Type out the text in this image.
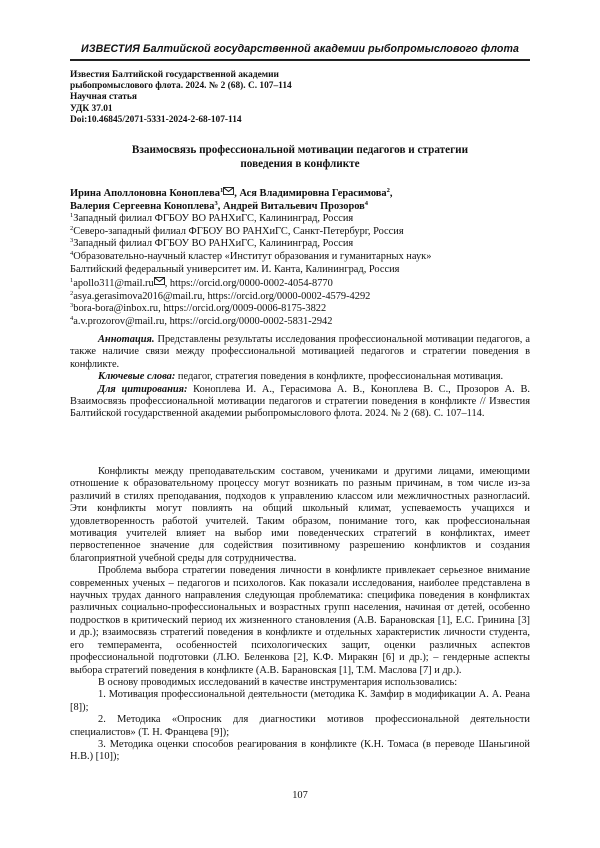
ИЗВЕСТИЯ Балтийской государственной академии рыбопромыслового флота
Известия Балтийской государственной академии
рыбопромыслового флота. 2024. № 2 (68). С. 107–114
Научная статья
УДК 37.01
Doi:10.46845/2071-5331-2024-2-68-107-114
Взаимосвязь профессиональной мотивации педагогов и стратегии
поведения в конфликте
Ирина Аполлоновна Коноплева$^1$ , Ася Владимировна Герасимова$^2$,
Валерия Сергеевна Коноплева$^3$, Андрей Витальевич Прозоров$^4$
$^1$Западный филиал ФГБОУ ВО РАНХиГС, Калининград, Россия
$^2$Северо-западный филиал ФГБОУ ВО РАНХиГС, Санкт-Петербург, Россия
$^3$Западный филиал ФГБОУ ВО РАНХиГС, Калининград, Россия
$^4$Образовательно-научный кластер «Институт образования и гуманитарных наук»
Балтийский федеральный университет им. И. Канта, Калининград, Россия
$^1$apollo311@mail.ru , https://orcid.org/0000-0002-4054-8770
$^2$asya.gerasimova2016@mail.ru, https://orcid.org/0000-0002-4579-4292
$^3$bora-bora@inbox.ru, https://orcid.org/0009-0006-8175-3822
$^4$a.v.prozorov@mail.ru, https://orcid.org/0000-0002-5831-2942

Аннотация. Представлены результаты исследования профессиональной мотивации педагогов, а также наличие связи между профессиональной мотивацией педагогов и стратегии поведения в конфликте.

Ключевые слова: педагог, стратегия поведения в конфликте, профессиональная мотивация.

Для цитирования: Коноплева И. А., Герасимова А. В., Коноплева В. С., Прозоров А. В. Взаимосвязь профессиональной мотивации педагогов и стратегии поведения в конфликте // Известия Балтийской государственной академии рыбопромыслового флота. 2024. № 2 (68). С. 107–114.

Конфликты между преподавательским составом, учениками и другими лицами, имеющими отношение к образовательному процессу могут возникать по разным причинам, в том числе из-за различий в стилях преподавания, подходов к управлению классом или межличностных разногласий. Эти конфликты могут повлиять на общий школьный климат, успеваемость учащихся и удовлетворенность работой учителей. Таким образом, понимание того, как профессиональная мотивация учителей влияет на выбор ими поведенческих стратегий в конфликтах, имеет первостепенное значение для содействия позитивному разрешению конфликтов и создания благоприятной учебной среды для сотрудничества.

Проблема выбора стратегии поведения личности в конфликте привлекает серьезное внимание современных ученых – педагогов и психологов. Как показали исследования, наиболее представлена в научных трудах данного направления следующая проблематика: специфика поведения в конфликтах различных социально-профессиональных и возрастных групп населения, начиная от детей, особенно подростков в критический период их жизненного становления (А.В. Барановская [1], Е.С. Гринина [3] и др.); взаимосвязь стратегий поведения в конфликте и отдельных характеристик личности студента, его темперамента, особенностей психологических защит, оценки различных аспектов профессиональной подготовки (Л.Ю. Беленкова [2], К.Ф. Миракян [6] и др.); – гендерные аспекты выбора стратегий поведения в конфликте (А.В. Барановская [1], Т.М. Маслова [7] и др.).

В основу проводимых исследований в качестве инструментария использовались:

1. Мотивация профессиональной деятельности (методика К. Замфир в модификации А. А. Реана [8]);

2. Методика «Опросник для диагностики мотивов профессиональной деятельности специалистов» (Т. Н. Францева [9]);

3. Методика оценки способов реагирования в конфликте (К.Н. Томаса (в переводе Шаньгиной Н.В.) [10]);

107
